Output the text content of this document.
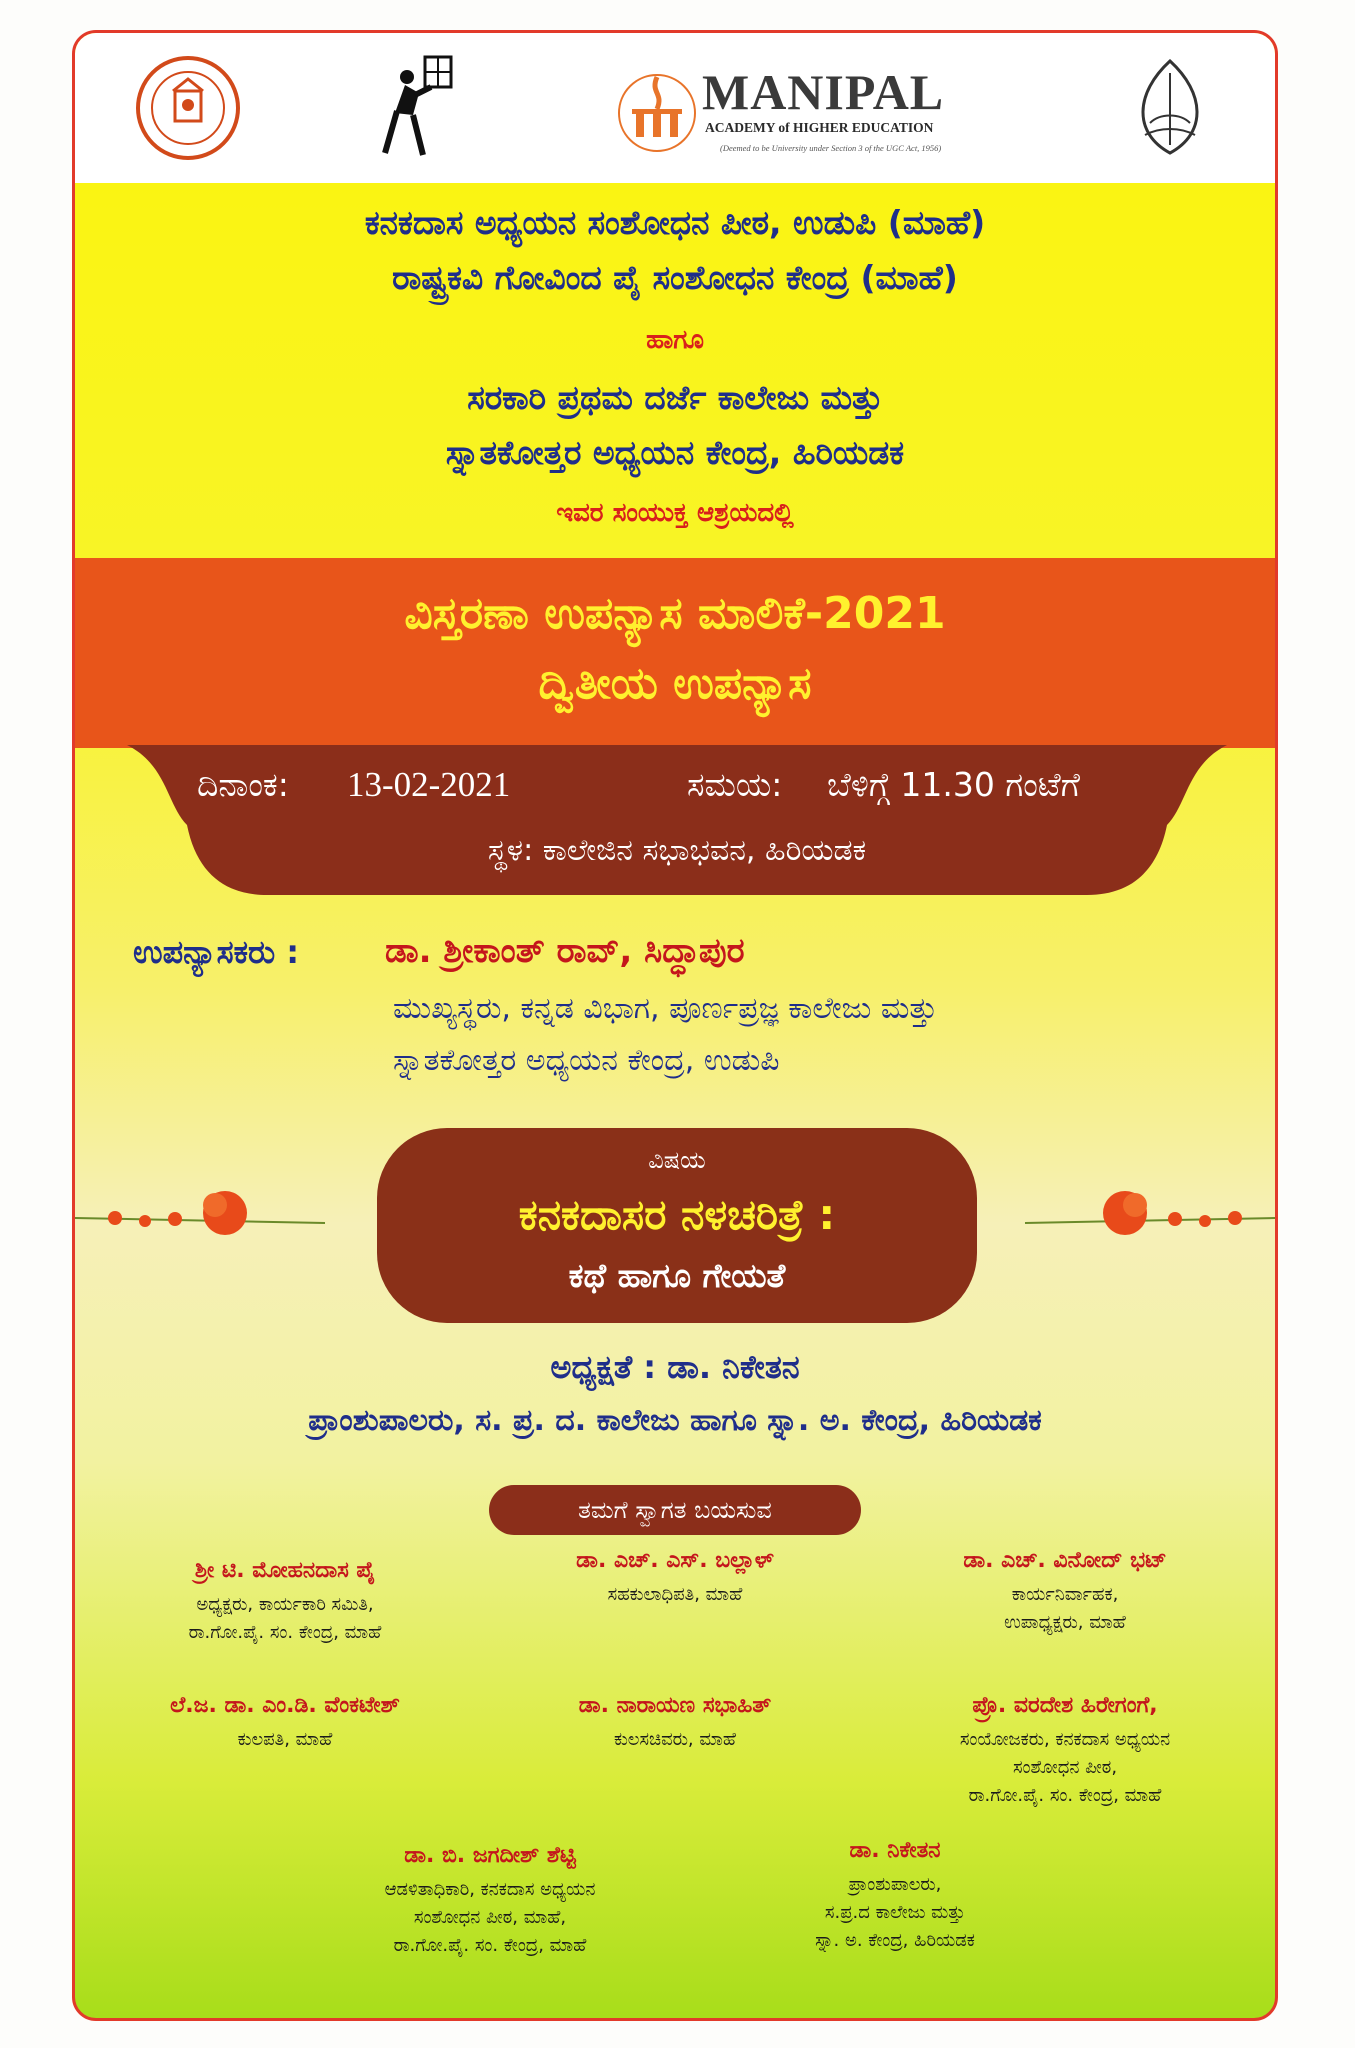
MANIPAL
ACADEMY of HIGHER EDUCATION
(Deemed to be University under Section 3 of the UGC Act, 1956)
ಕನಕದಾಸ ಅಧ್ಯಯನ ಸಂಶೋಧನ ಪೀಠ, ಉಡುಪಿ (ಮಾಹೆ)
ರಾಷ್ಟ್ರಕವಿ ಗೋವಿಂದ ಪೈ ಸಂಶೋಧನ ಕೇಂದ್ರ (ಮಾಹೆ)
ಹಾಗೂ
ಸರಕಾರಿ ಪ್ರಥಮ ದರ್ಜೆ ಕಾಲೇಜು ಮತ್ತು
ಸ್ನಾತಕೋತ್ತರ ಅಧ್ಯಯನ ಕೇಂದ್ರ, ಹಿರಿಯಡಕ
ಇವರ ಸಂಯುಕ್ತ ಆಶ್ರಯದಲ್ಲಿ
ವಿಸ್ತರಣಾ ಉಪನ್ಯಾಸ ಮಾಲಿಕೆ-2021
ದ್ವಿತೀಯ ಉಪನ್ಯಾಸ
ದಿನಾಂಕ: 13-02-2021	ಸಮಯ: ಬೆಳಿಗ್ಗೆ 11.30 ಗಂಟೆಗೆ
ಸ್ಥಳ: ಕಾಲೇಜಿನ ಸಭಾಭವನ, ಹಿರಿಯಡಕ
ಉಪನ್ಯಾಸಕರು :	ಡಾ. ಶ್ರೀಕಾಂತ್ ರಾವ್, ಸಿದ್ಧಾಪುರ
ಮುಖ್ಯಸ್ಥರು, ಕನ್ನಡ ವಿಭಾಗ, ಪೂರ್ಣಪ್ರಜ್ಞ ಕಾಲೇಜು ಮತ್ತು
ಸ್ನಾತಕೋತ್ತರ ಅಧ್ಯಯನ ಕೇಂದ್ರ, ಉಡುಪಿ
ವಿಷಯ
ಕನಕದಾಸರ ನಳಚರಿತ್ರೆ :
ಕಥೆ ಹಾಗೂ ಗೇಯತೆ
ಅಧ್ಯಕ್ಷತೆ : ಡಾ. ನಿಕೇತನ
ಪ್ರಾಂಶುಪಾಲರು, ಸ. ಪ್ರ. ದ. ಕಾಲೇಜು ಹಾಗೂ ಸ್ನಾ. ಅ. ಕೇಂದ್ರ, ಹಿರಿಯಡಕ
ತಮಗೆ ಸ್ವಾಗತ ಬಯಸುವ
ಶ್ರೀ ಟಿ. ಮೋಹನದಾಸ ಪೈ
ಅಧ್ಯಕ್ಷರು, ಕಾರ್ಯಕಾರಿ ಸಮಿತಿ,
ರಾ.ಗೋ.ಪೈ. ಸಂ. ಕೇಂದ್ರ, ಮಾಹೆ
ಡಾ. ಎಚ್. ಎಸ್. ಬಲ್ಲಾಳ್
ಸಹಕುಲಾಧಿಪತಿ, ಮಾಹೆ
ಡಾ. ಎಚ್. ವಿನೋದ್ ಭಟ್
ಕಾರ್ಯನಿರ್ವಾಹಕ,
ಉಪಾಧ್ಯಕ್ಷರು, ಮಾಹೆ
ಲೆ.ಜ. ಡಾ. ಎಂ.ಡಿ. ವೆಂಕಟೇಶ್
ಕುಲಪತಿ, ಮಾಹೆ
ಡಾ. ನಾರಾಯಣ ಸಭಾಹಿತ್
ಕುಲಸಚಿವರು, ಮಾಹೆ
ಪ್ರೊ. ವರದೇಶ ಹಿರೇಗಂಗೆ,
ಸಂಯೋಜಕರು, ಕನಕದಾಸ ಅಧ್ಯಯನ
ಸಂಶೋಧನ ಪೀಠ,
ರಾ.ಗೋ.ಪೈ. ಸಂ. ಕೇಂದ್ರ, ಮಾಹೆ
ಡಾ. ಬಿ. ಜಗದೀಶ್ ಶೆಟ್ಟಿ
ಆಡಳಿತಾಧಿಕಾರಿ, ಕನಕದಾಸ ಅಧ್ಯಯನ
ಸಂಶೋಧನ ಪೀಠ, ಮಾಹೆ,
ರಾ.ಗೋ.ಪೈ. ಸಂ. ಕೇಂದ್ರ, ಮಾಹೆ
ಡಾ. ನಿಕೇತನ
ಪ್ರಾಂಶುಪಾಲರು,
ಸ.ಪ್ರ.ದ ಕಾಲೇಜು ಮತ್ತು
ಸ್ನಾ. ಅ. ಕೇಂದ್ರ, ಹಿರಿಯಡಕ
